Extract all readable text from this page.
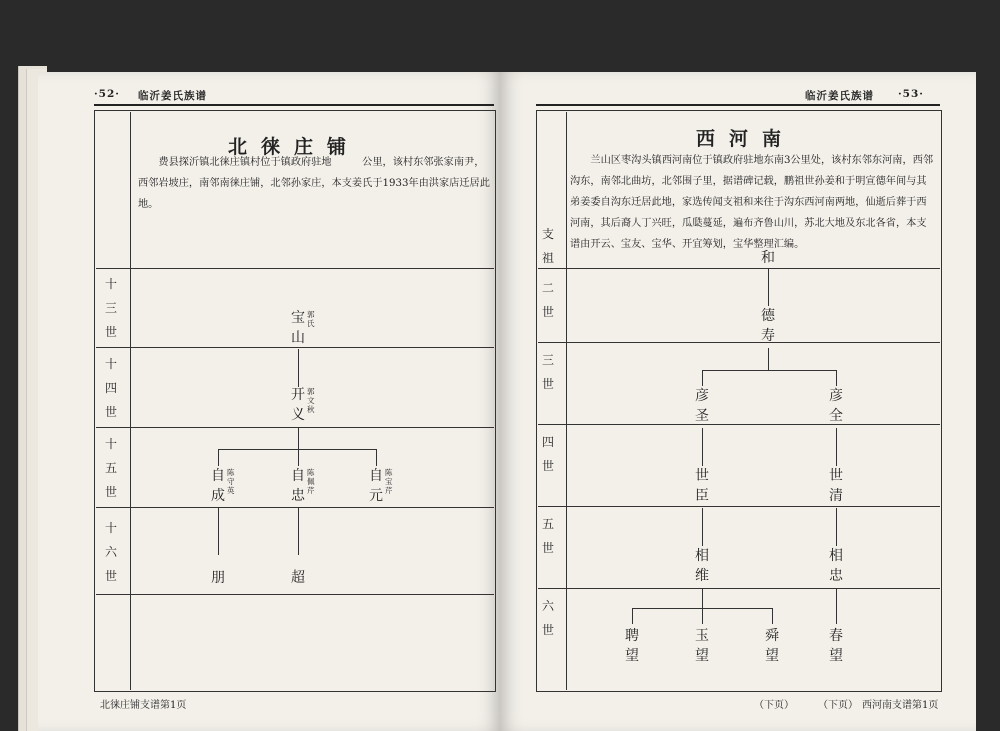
·52· 临沂姜氏族谱
北徕庄铺
费县探沂镇北徕庄镇村位于镇政府驻地　　　公里，该村东邻张家南尹，西邻岩坡庄，南邻南徕庄铺，北邻孙家庄，本支姜氏于1933年由洪家店迁居此地。
十三世
十四世
十五世
十六世
宝山
郭氏
开义
郭文秋
自成
陈守英
自忠
陈佩芹
自元
陈宝芹
朋	超
北徕庄铺支谱第1页
临沂姜氏族谱 ·53·
西河南
兰山区枣沟头镇西河南位于镇政府驻地东南3公里处，该村东邻东河南，西邻沟东，南邻北曲坊，北邻围子里，据谱碑记载，鹏祖世孙姜和于明宣德年间与其弟姜委自沟东迁居此地，家选传闻支祖和来往于沟东西河南两地，仙逝后葬于西河南，其后裔人丁兴旺，瓜瓞蔓延，遍布齐鲁山川，苏北大地及东北各省，本支谱由开云、宝友、宝华、开宜筹划，宝华整理汇编。
支祖
二世
三世
四世
五世
六世
和
德寿
彦圣
彦全
世臣
世清
相维
相忠
聘望
玉望
舜望
春望
（下页） （下页） 西河南支谱第1页
